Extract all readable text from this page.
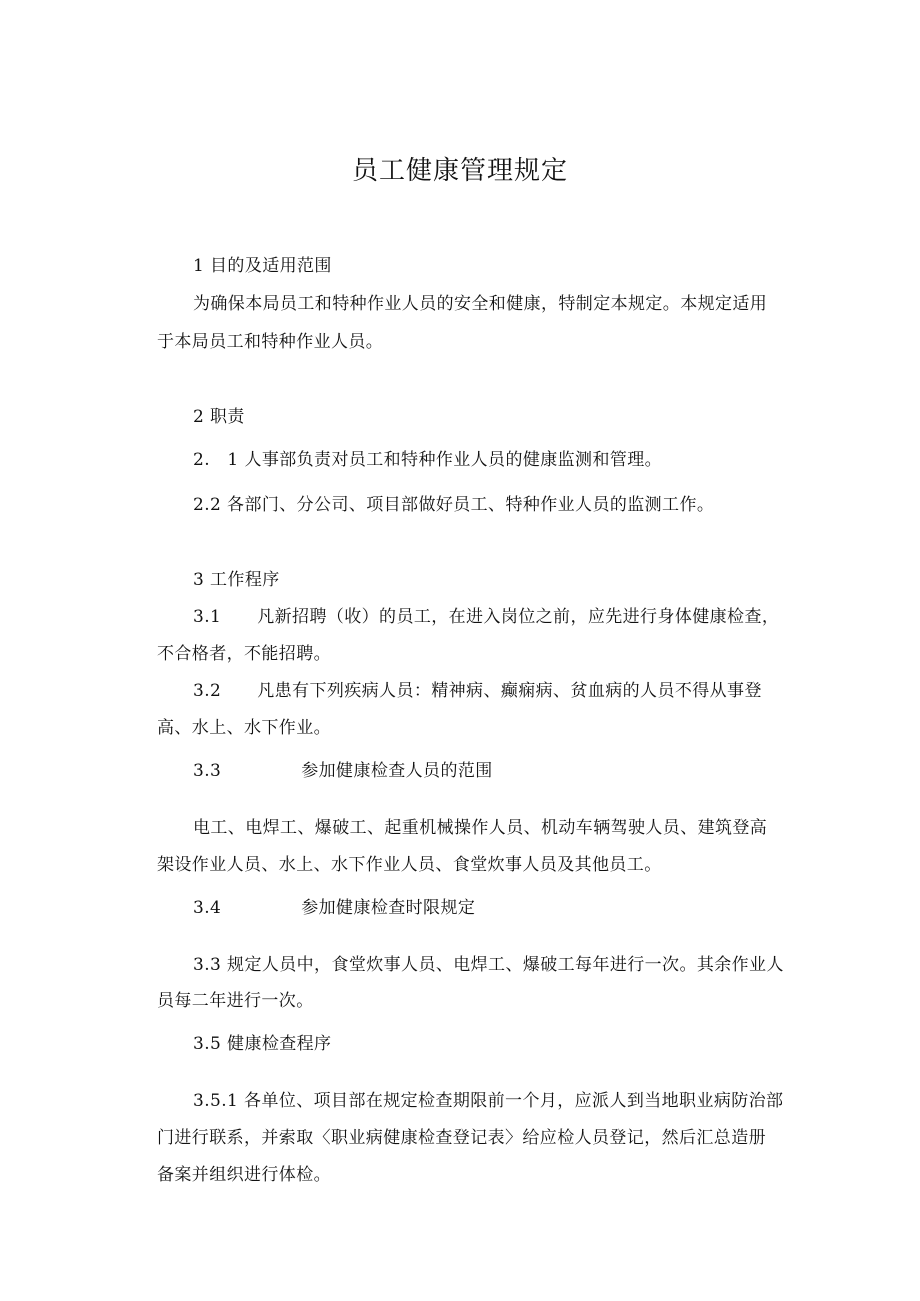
员工健康管理规定

1 目的及适用范围

为确保本局员工和特种作业人员的安全和健康，特制定本规定。本规定适用

于本局员工和特种作业人员。

2 职责

2.　1 人事部负责对员工和特种作业人员的健康监测和管理。

2.2 各部门、分公司、项目部做好员工、特种作业人员的监测工作。

3 工作程序

3.1 凡新招聘（收）的员工，在进入岗位之前，应先进行身体健康检查，

不合格者，不能招聘。

3.2 凡患有下列疾病人员：精神病、癫痫病、贫血病的人员不得从事登

高、水上、水下作业。

3.3	参加健康检查人员的范围

电工、电焊工、爆破工、起重机械操作人员、机动车辆驾驶人员、建筑登高

架设作业人员、水上、水下作业人员、食堂炊事人员及其他员工。

3.4	参加健康检查时限规定

3.3 规定人员中，食堂炊事人员、电焊工、爆破工每年进行一次。其余作业人

员每二年进行一次。

3.5 健康检查程序

3.5.1 各单位、项目部在规定检查期限前一个月，应派人到当地职业病防治部

门进行联系，并索取〈职业病健康检查登记表〉给应检人员登记，然后汇总造册

备案并组织进行体检。
